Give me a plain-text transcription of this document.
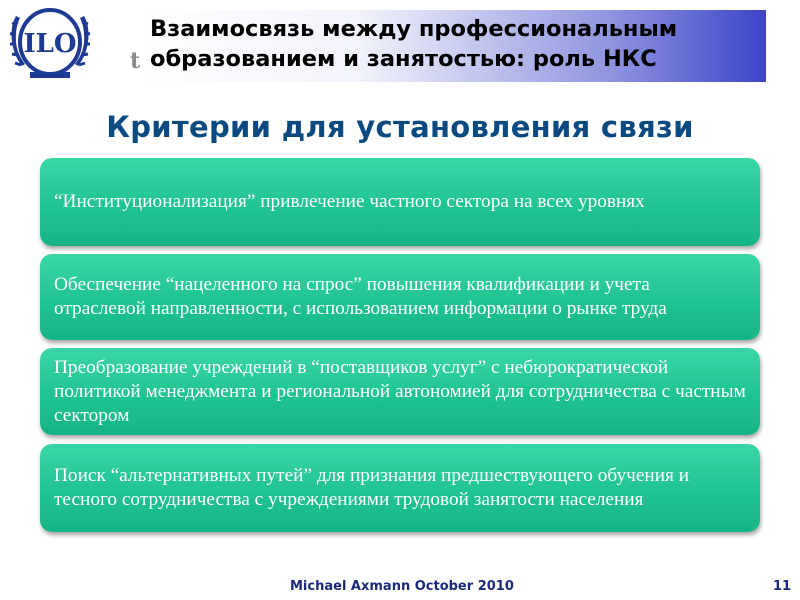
ILO
t
Взаимосвязь между профессиональным
образованием и занятостью: роль НКС
Критерии для установления связи
“Институционализация” привлечение частного сектора на всех уровнях
Обеспечение “нацеленного на спрос” повышения квалификации и учета отраслевой направленности, с использованием информации о рынке труда
Преобразование учреждений в “поставщиков услуг” с небюрократической политикой менеджмента и региональной автономией для сотрудничества с частным сектором
Поиск “альтернативных путей” для признания предшествующего обучения и тесного сотрудничества с учреждениями трудовой занятости населения
Michael Axmann October 2010	11
